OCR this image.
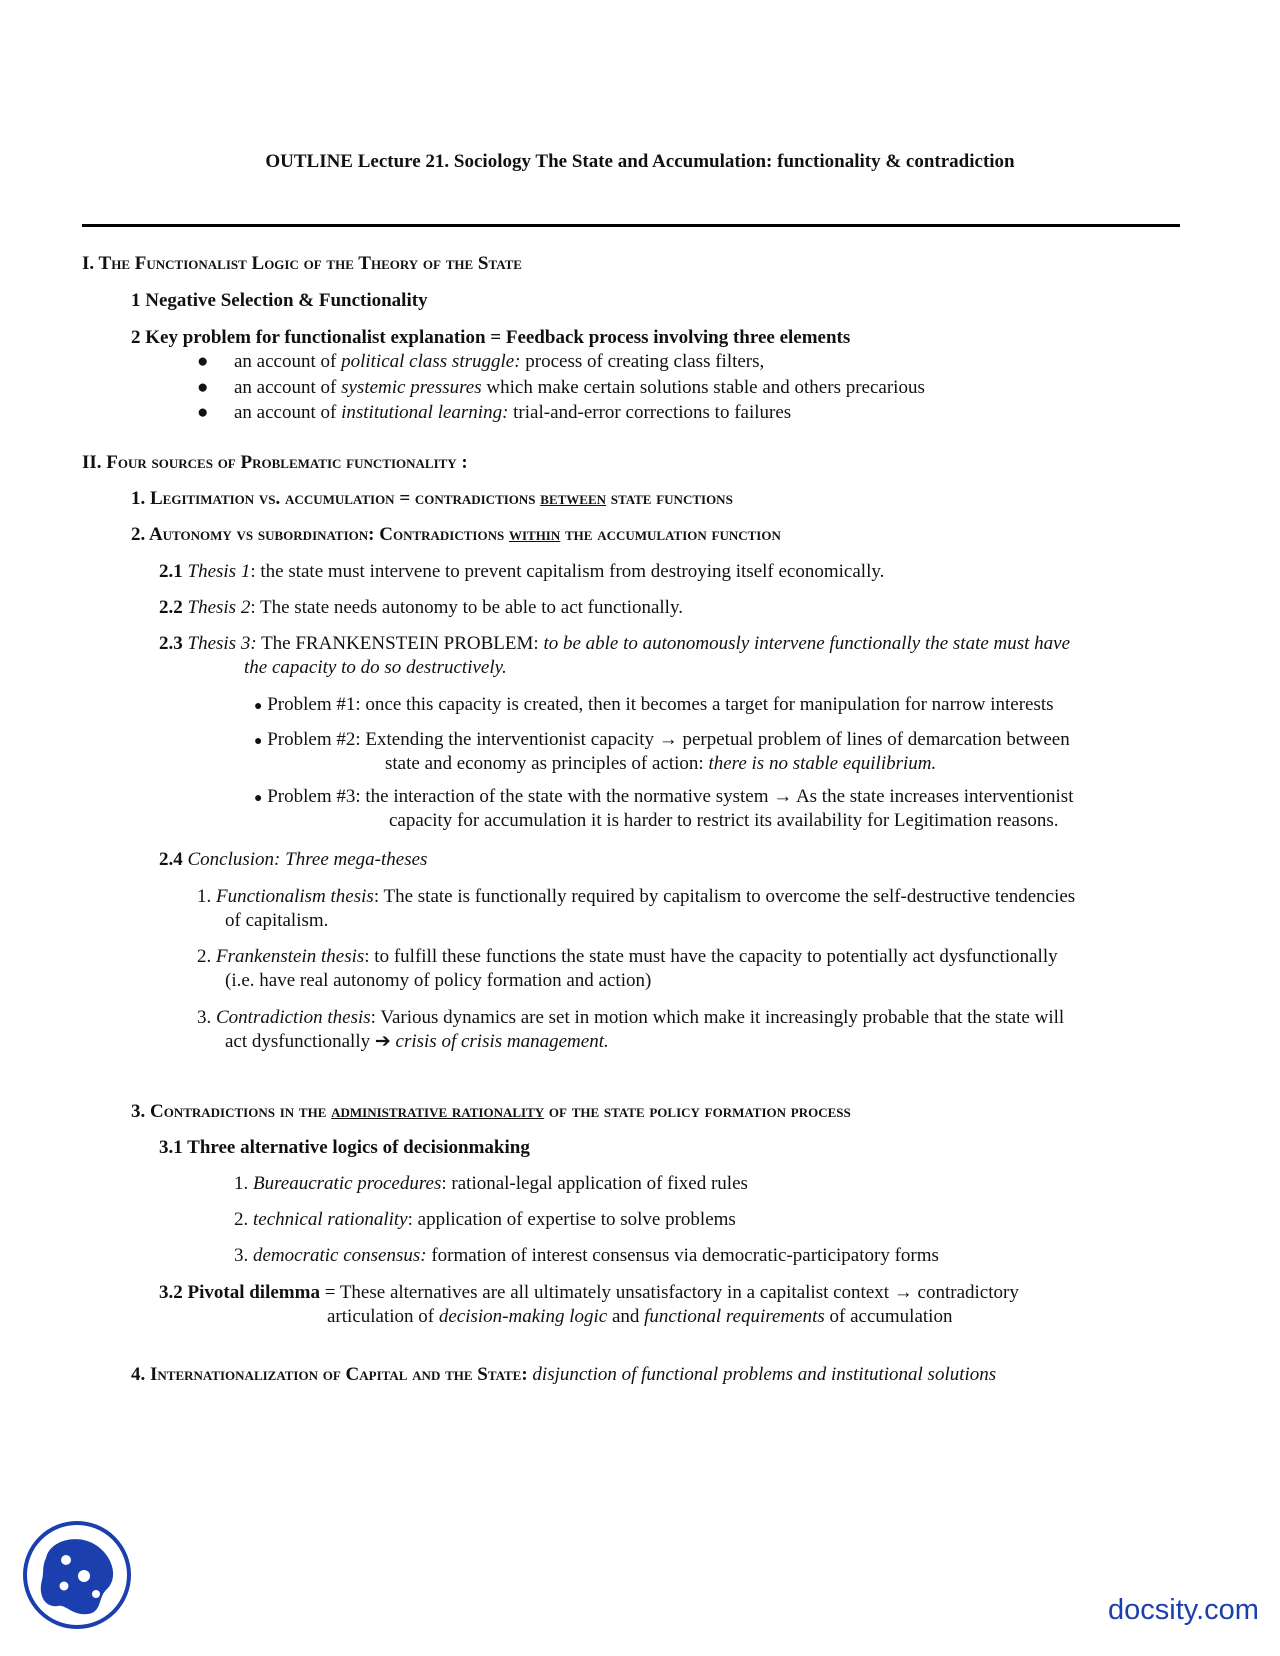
OUTLINE Lecture 21. Sociology The State and Accumulation: functionality & contradiction
I. The Functionalist Logic of the Theory of the State
1 Negative Selection & Functionality
2 Key problem for functionalist explanation = Feedback process involving three elements
● an account of political class struggle: process of creating class filters,
● an account of systemic pressures which make certain solutions stable and others precarious
● an account of institutional learning: trial-and-error corrections to failures
II. Four sources of Problematic functionality :
1. Legitimation vs. accumulation = contradictions between state functions
2. Autonomy vs subordination: Contradictions within the accumulation function
2.1 Thesis 1: the state must intervene to prevent capitalism from destroying itself economically.
2.2 Thesis 2: The state needs autonomy to be able to act functionally.
2.3 Thesis 3: The FRANKENSTEIN PROBLEM: to be able to autonomously intervene functionally the state must have
the capacity to do so destructively.
● Problem #1: once this capacity is created, then it becomes a target for manipulation for narrow interests
● Problem #2: Extending the interventionist capacity → perpetual problem of lines of demarcation between
state and economy as principles of action: there is no stable equilibrium.
● Problem #3: the interaction of the state with the normative system → As the state increases interventionist
capacity for accumulation it is harder to restrict its availability for Legitimation reasons.
2.4 Conclusion: Three mega-theses
1. Functionalism thesis: The state is functionally required by capitalism to overcome the self-destructive tendencies
of capitalism.
2. Frankenstein thesis: to fulfill these functions the state must have the capacity to potentially act dysfunctionally
(i.e. have real autonomy of policy formation and action)
3. Contradiction thesis: Various dynamics are set in motion which make it increasingly probable that the state will
act dysfunctionally ➔ crisis of crisis management.
3. Contradictions in the administrative rationality of the state policy formation process
3.1 Three alternative logics of decisionmaking
1. Bureaucratic procedures: rational-legal application of fixed rules
2. technical rationality: application of expertise to solve problems
3. democratic consensus: formation of interest consensus via democratic-participatory forms
3.2 Pivotal dilemma = These alternatives are all ultimately unsatisfactory in a capitalist context → contradictory
articulation of decision-making logic and functional requirements of accumulation
4. Internationalization of Capital and the State: disjunction of functional problems and institutional solutions
docsity.com
